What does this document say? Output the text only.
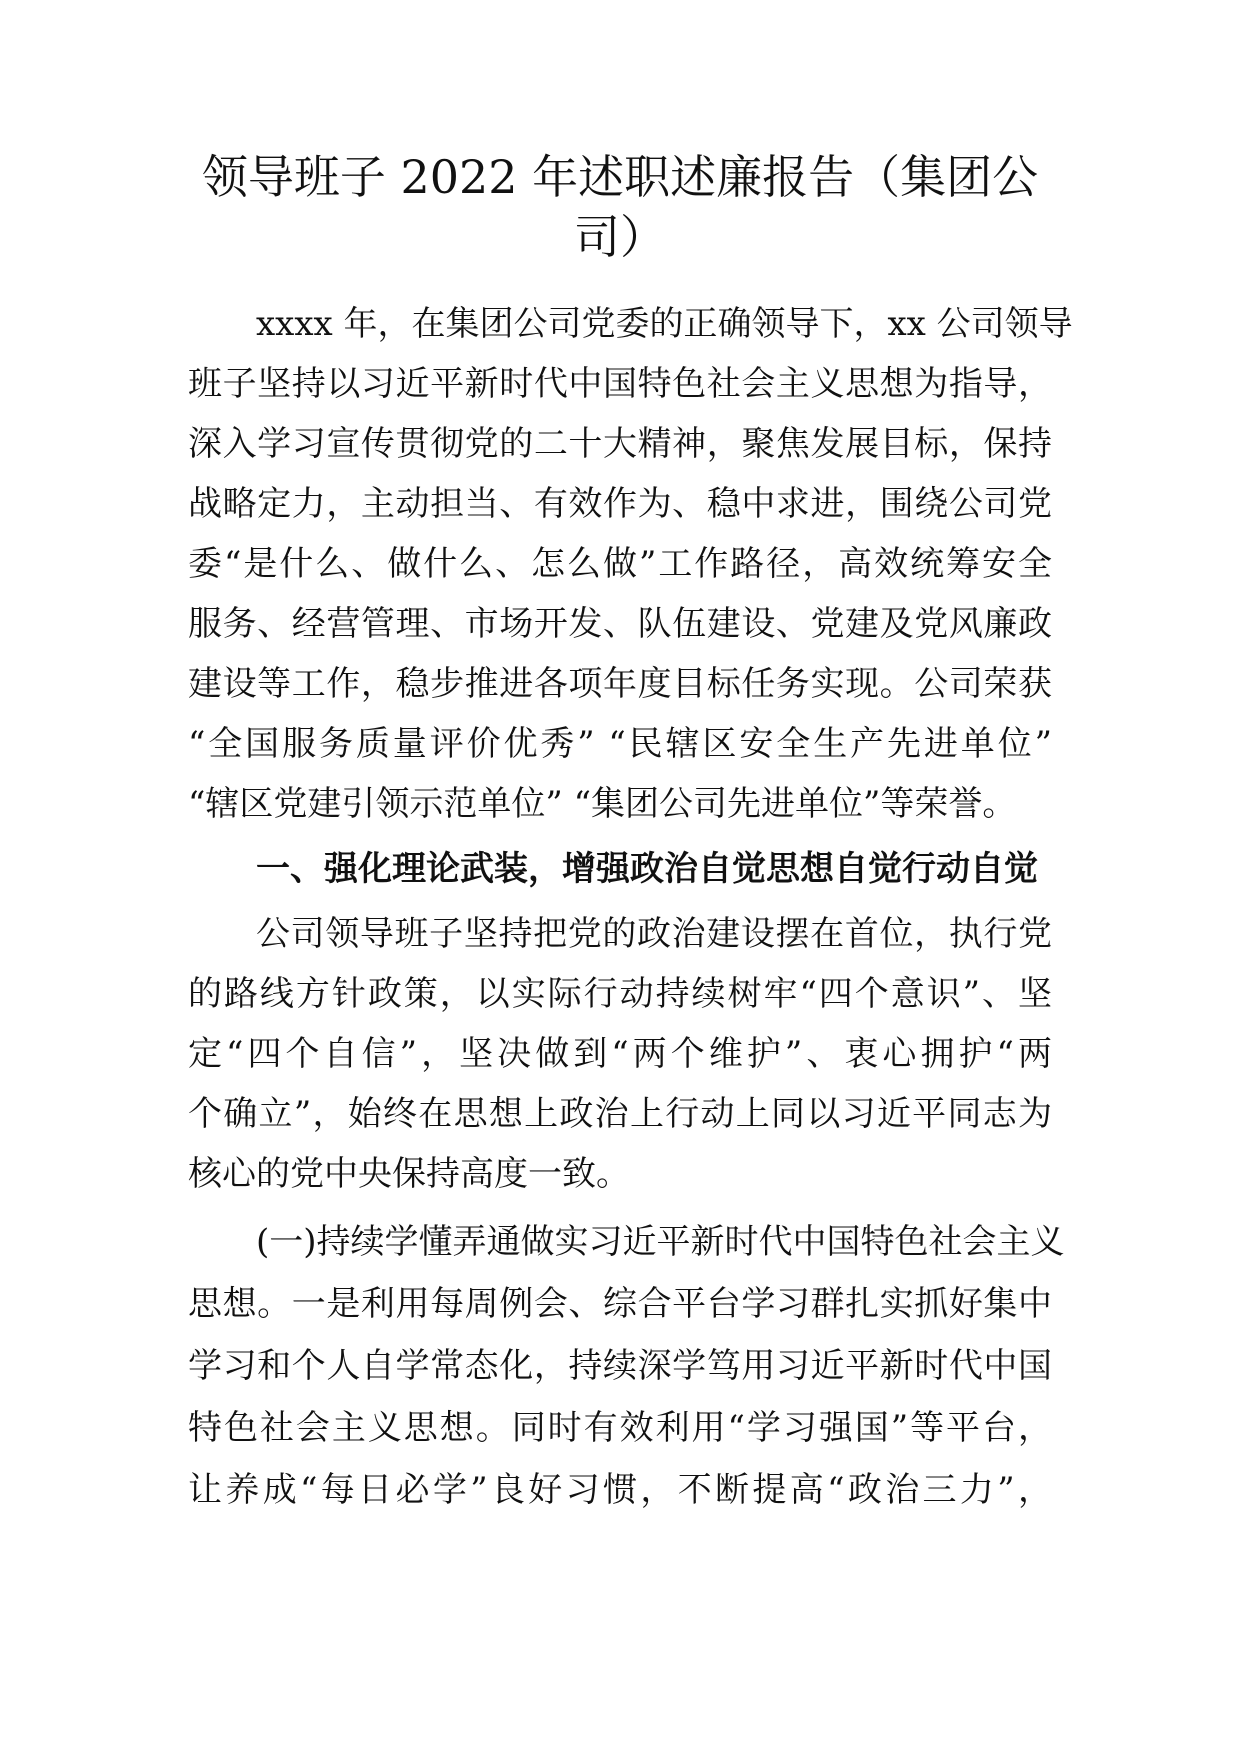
领导班子 2022 年述职述廉报告（集团公
司）

xxxx 年，在集团公司党委的正确领导下，xx 公司领导

班子坚持以习近平新时代中国特色社会主义思想为指导，

深入学习宣传贯彻党的二十大精神，聚焦发展目标，保持

战略定力，主动担当、有效作为、稳中求进，围绕公司党

委“是什么、做什么、怎么做”工作路径，高效统筹安全

服务、经营管理、市场开发、队伍建设、党建及党风廉政

建设等工作，稳步推进各项年度目标任务实现。公司荣获

“全国服务质量评价优秀” “民辖区安全生产先进单位”

“辖区党建引领示范单位” “集团公司先进单位”等荣誉。

一、强化理论武装，增强政治自觉思想自觉行动自觉

公司领导班子坚持把党的政治建设摆在首位，执行党

的路线方针政策，以实际行动持续树牢“四个意识”、坚

定“四个自信”，坚决做到“两个维护”、衷心拥护“两

个确立”，始终在思想上政治上行动上同以习近平同志为

核心的党中央保持高度一致。

(一)持续学懂弄通做实习近平新时代中国特色社会主义

思想。一是利用每周例会、综合平台学习群扎实抓好集中

学习和个人自学常态化，持续深学笃用习近平新时代中国

特色社会主义思想。同时有效利用“学习强国”等平台，

让养成“每日必学”良好习惯，不断提高“政治三力”，
